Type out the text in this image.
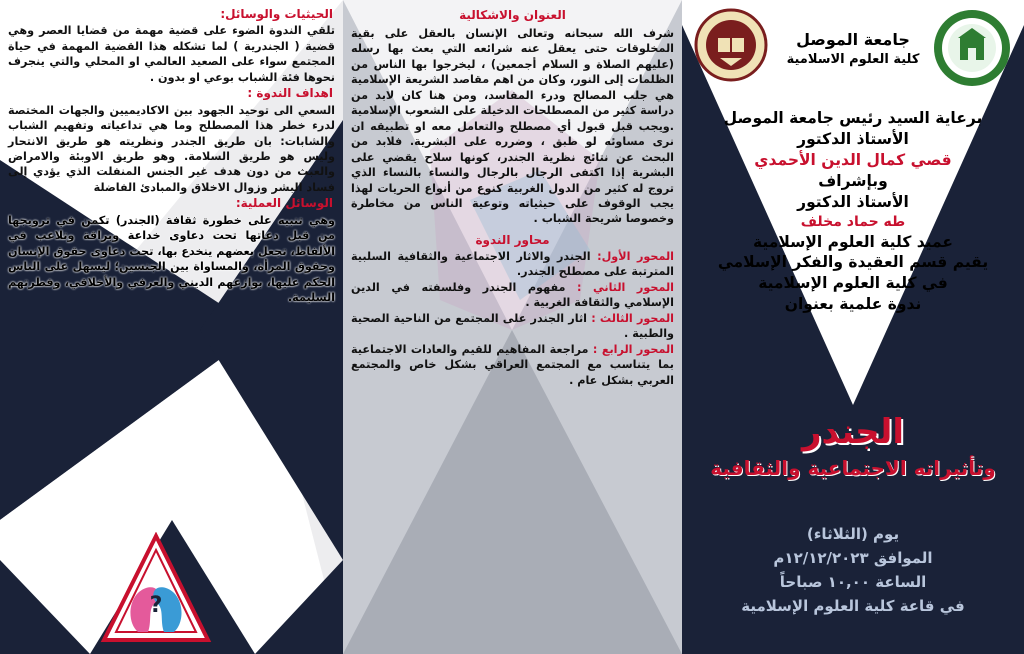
جامعة الموصل
كلية العلوم الاسلامية
برعاية السيد رئيس جامعة الموصل
الأستاذ الدكتور
قصي كمال الدين الأحمدي
وبإشراف
الأستاذ الدكتور
طه حماد مخلف
عميد كلية العلوم الإسلامية
يقيم قسم العقيدة والفكر الإسلامي
في كلية العلوم الإسلامية
ندوة علمية بعنوان
الجندر
وتأثيراته الاجتماعية والثقافية
يوم (الثلاثاء)
الموافق ١٢/١٢/٢٠٢٣م
الساعة ١٠,٠٠ صباحاً
في قاعة كلية العلوم الإسلامية
العنوان والاشكالية

شرف الله سبحانه وتعالى الإنسان بالعقل على بقية المخلوقات حتى يعقل عنه شرائعه التي بعث بها رسله (عليهم الصلاة و السلام أجمعين) ، ليخرجوا بها الناس من الظلمات إلى النور، وكان من اهم مقاصد الشريعة الإسلامية هي جلب المصالح ودرء المفاسد، ومن هنا كان لابد من دراسة كثير من المصطلحات الدخيلة على الشعوب الإسلامية .ويجب قبل قبول أي مصطلح والتعامل معه او تطبيقه ان نرى مساوئه لو طبق ، وضرره على البشرية. فلابد من البحث عن نتائج نظرية الجندر، كونها سلاح يقضي على البشرية إذا اكتفى الرجال بالرجال والنساء بالنساء الذي تروج له كثير من الدول الغربية كنوع من أنواع الحريات لهذا يجب الوقوف على حيثياته وتوعية الناس من مخاطرة وخصوصا شريحة الشباب .

محاور الندوة

المحور الأول: الجندر والاثار الاجتماعية والثقافية السلبية المترتبة على مصطلح الجندر.

المحور الثاني : مفهوم الجندر وفلسفته في الدين الإسلامي والثقافة الغربية .

المحور الثالث : اثار الجندر على المجتمع من الناحية الصحية والطبية .

المحور الرابع : مراجعة المفاهيم للقيم والعادات الاجتماعية بما يتناسب مع المجتمع العراقي بشكل خاص والمجتمع العربي بشكل عام .

الحيثيات والوسائل:

تلقي الندوة الضوء على قضية مهمة من قضايا العصر وهي قضية ( الجندرية ) لما تشكله هذا القضية المهمة في حياة المجتمع سواء على الصعيد العالمي او المحلي والتي ينجرف نحوها فئة الشباب بوعي او بدون .

اهداف الندوة :

السعي الى توحيد الجهود بين الاكاديميين والجهات المختصة لدرء خطر هذا المصطلح وما هي تداعياته وتفهيم الشباب والشابات: بان طريق الجندر ونظريته هو طريق الانتحار وليس هو طريق السلامة. وهو طريق الاوبئة والامراض والعبث من دون هدف غير الجنس المنفلت الذي يؤدي إلى فساد البشر وزوال الاخلاق والمبادئ الفاضلة

الوسائل العملية:

وهي تنبيه على خطورة ثقافة (الجندر) تكمن في ترويجها من قبل دعاتها تحت دعاوى خداعة وبراقة وتلاعب في الألفاظ، تجعل بعضهم ينخدع بها، تحت دعاوى حقوق الإنسان وحقوق المرأة، والمساواة بين الجنسين؛ ليسهل على الناس الحكم عليها، بوازعهم الديني والعرفي والأخلاقي، وفطرتهم السليمة.

?
